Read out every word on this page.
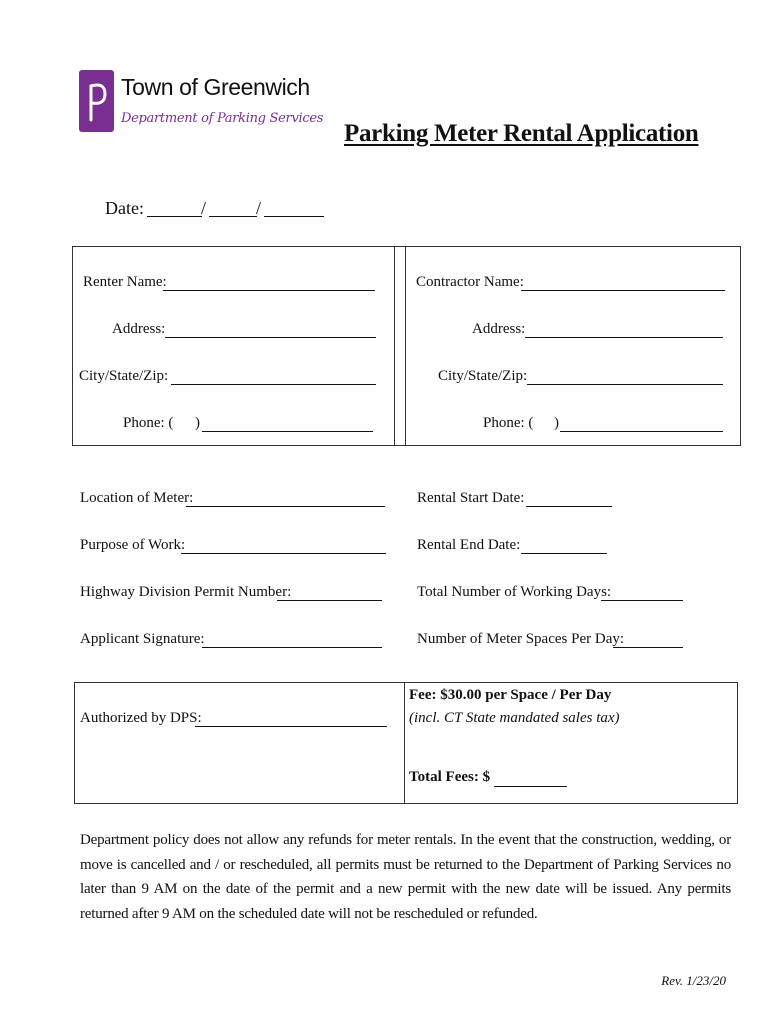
Town of Greenwich
Department of Parking Services
Parking Meter Rental Application
Date:	/	/
Renter Name:
Address:
City/State/Zip:
Phone: ( )
Contractor Name:
Address:
City/State/Zip:
Phone: ( )
Location of Meter:
Purpose of Work:
Highway Division Permit Number:
Applicant Signature:
Rental Start Date:
Rental End Date:
Total Number of Working Days:
Number of Meter Spaces Per Day:
Authorized by DPS:
Fee: $30.00 per Space / Per Day
(incl. CT State mandated sales tax)
Total Fees: $
Department policy does not allow any refunds for meter rentals. In the event that the construction, wedding, or move is cancelled and / or rescheduled, all permits must be returned to the Department of Parking Services no later than 9 AM on the date of the permit and a new permit with the new date will be issued. Any permits returned after 9 AM on the scheduled date will not be rescheduled or refunded.
Rev. 1/23/20
